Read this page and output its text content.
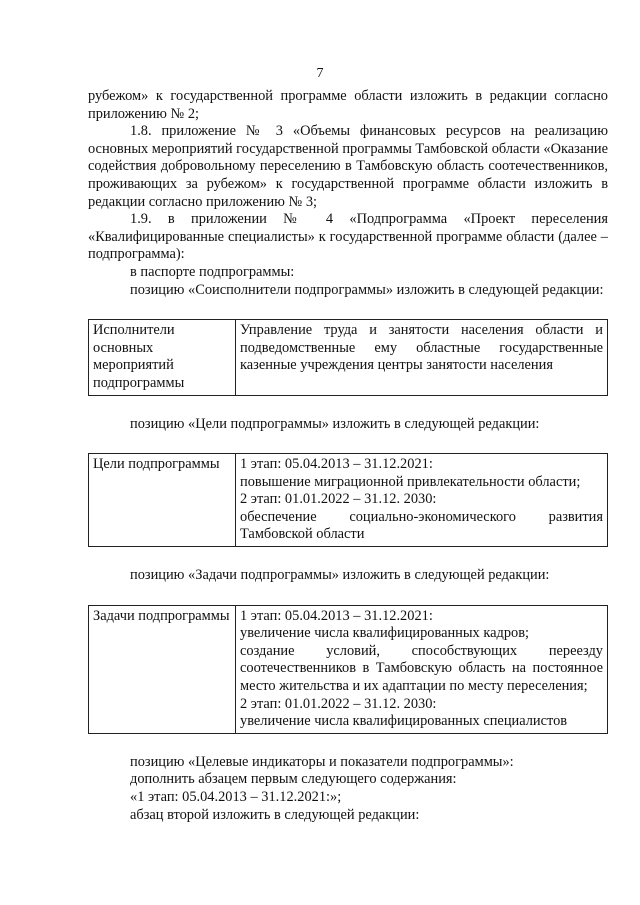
7

рубежом» к государственной программе области изложить в редакции согласно приложению № 2;

1.8. приложение № 3 «Объемы финансовых ресурсов на реализацию основных мероприятий государственной программы Тамбовской области «Оказание содействия добровольному переселению в Тамбовскую область соотечественников, проживающих за рубежом» к государственной программе области изложить в редакции согласно приложению № 3;

1.9. в приложении № 4 «Подпрограмма «Проект переселения «Квалифицированные специалисты» к государственной программе области (далее – подпрограмма):

в паспорте подпрограммы:

позицию «Соисполнители подпрограммы» изложить в следующей редакции:

Исполнители основных мероприятий подпрограммы	Управление труда и занятости населения области и подведомственные ему областные государственные казенные учреждения центры занятости населения

позицию «Цели подпрограммы» изложить в следующей редакции:

Цели подпрограммы	1 этап: 05.04.2013 – 31.12.2021:
повышение миграционной привлекательности области;
2 этап: 01.01.2022 – 31.12. 2030:
обеспечение социально-экономического развития Тамбовской области

позицию «Задачи подпрограммы» изложить в следующей редакции:

Задачи подпрограммы	1 этап: 05.04.2013 – 31.12.2021:
увеличение числа квалифицированных кадров;
создание условий, способствующих переезду соотечественников в Тамбовскую область на постоянное место жительства и их адаптации по месту переселения;
2 этап: 01.01.2022 – 31.12. 2030:
увеличение числа квалифицированных специалистов

позицию «Целевые индикаторы и показатели подпрограммы»:

дополнить абзацем первым следующего содержания:

«1 этап: 05.04.2013 – 31.12.2021:»;

абзац второй изложить в следующей редакции:
